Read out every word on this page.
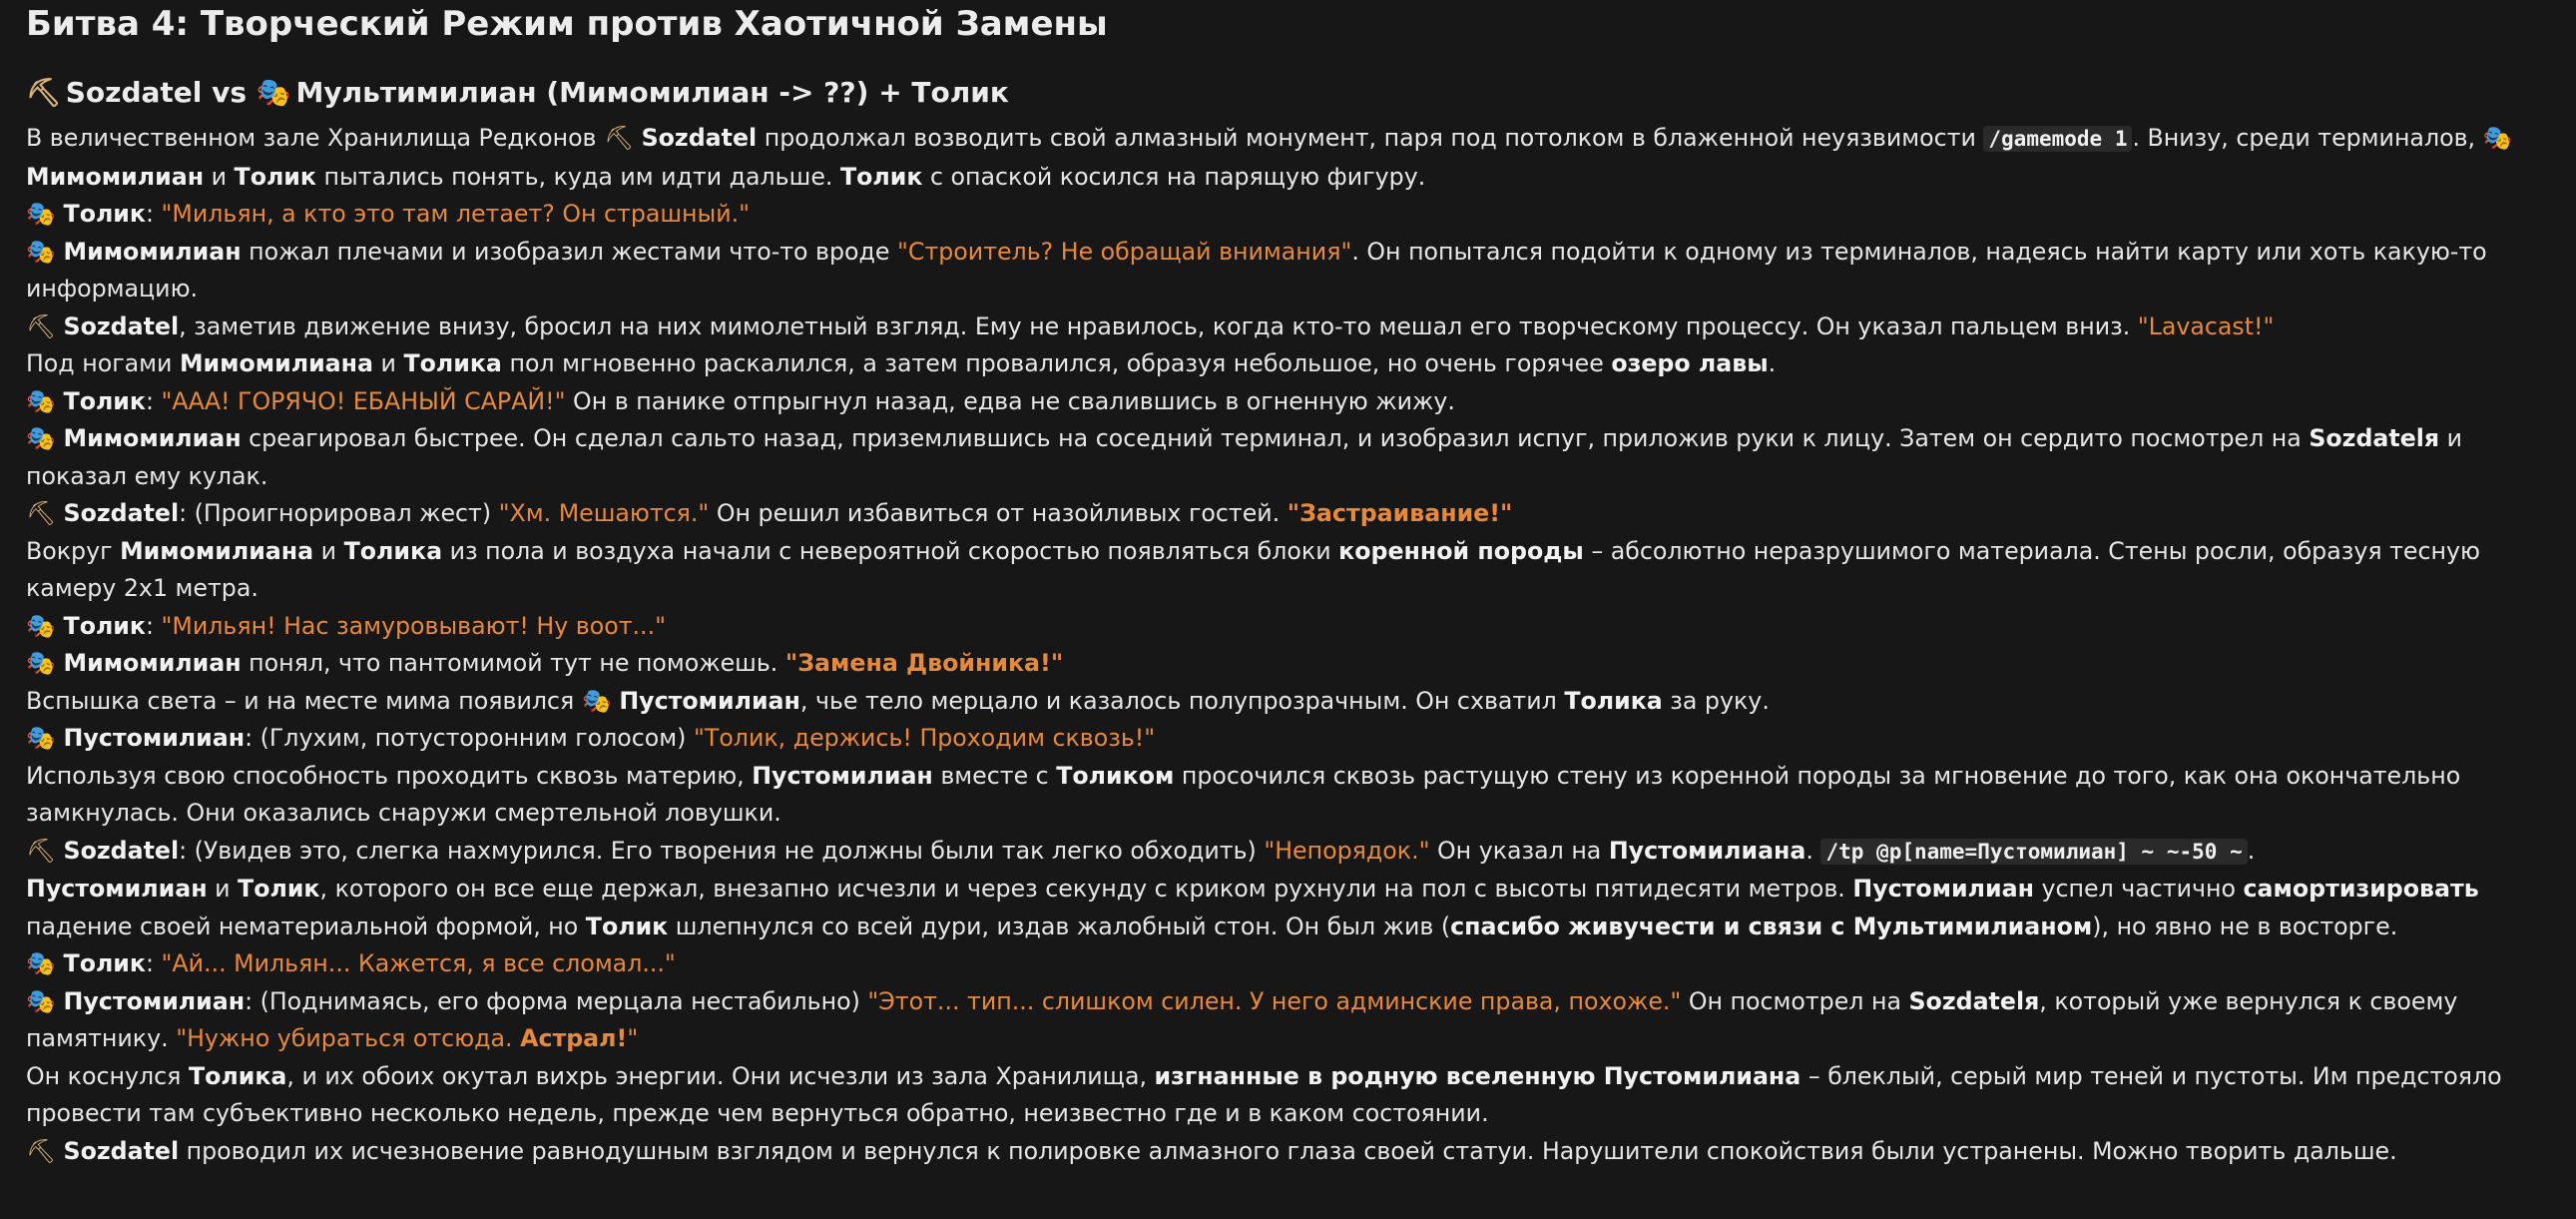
Битва 4: Творческий Режим против Хаотичной Замены
⛏ Sozdatel vs 🎭 Мультимилиан (Мимомилиан -> ??) + Толик

В величественном зале Хранилища Редконов ⛏ Sozdatel продолжал возводить свой алмазный монумент, паря под потолком в блаженной неуязвимости /gamemode 1 . Внизу, среди терминалов, 🎭 Мимомилиан и Толик пытались понять, куда им идти дальше. Толик с опаской косился на парящую фигуру.

🎭 Толик: "Мильян, а кто это там летает? Он страшный."

🎭 Мимомилиан пожал плечами и изобразил жестами что-то вроде "Строитель? Не обращай внимания". Он попытался подойти к одному из терминалов, надеясь найти карту или хоть какую-то информацию.

⛏ Sozdatel, заметив движение внизу, бросил на них мимолетный взгляд. Ему не нравилось, когда кто-то мешал его творческому процессу. Он указал пальцем вниз. "Lavacast!"

Под ногами Мимомилиана и Толика пол мгновенно раскалился, а затем провалился, образуя небольшое, но очень горячее озеро лавы.

🎭 Толик: "ААА! ГОРЯЧО! ЕБАНЫЙ САРАЙ!" Он в панике отпрыгнул назад, едва не свалившись в огненную жижу.

🎭 Мимомилиан среагировал быстрее. Он сделал сальто назад, приземлившись на соседний терминал, и изобразил испуг, приложив руки к лицу. Затем он сердито посмотрел на Sozdatelя и показал ему кулак.

⛏ Sozdatel: (Проигнорировал жест) "Хм. Мешаются." Он решил избавиться от назойливых гостей. "Застраивание!"

Вокруг Мимомилиана и Толика из пола и воздуха начали с невероятной скоростью появляться блоки коренной породы – абсолютно неразрушимого материала. Стены росли, образуя тесную камеру 2x1 метра.

🎭 Толик: "Мильян! Нас замуровывают! Ну воот..."

🎭 Мимомилиан понял, что пантомимой тут не поможешь. "Замена Двойника!"

Вспышка света – и на месте мима появился 🎭 Пустомилиан, чье тело мерцало и казалось полупрозрачным. Он схватил Толика за руку.

🎭 Пустомилиан: (Глухим, потусторонним голосом) "Толик, держись! Проходим сквозь!"

Используя свою способность проходить сквозь материю, Пустомилиан вместе с Толиком просочился сквозь растущую стену из коренной породы за мгновение до того, как она окончательно замкнулась. Они оказались снаружи смертельной ловушки.

⛏ Sozdatel: (Увидев это, слегка нахмурился. Его творения не должны были так легко обходить) "Непорядок." Он указал на Пустомилиана. /tp @p[name=Пустомилиан] ~ ~-50 ~ .

Пустомилиан и Толик, которого он все еще держал, внезапно исчезли и через секунду с криком рухнули на пол с высоты пятидесяти метров. Пустомилиан успел частично самортизировать падение своей нематериальной формой, но Толик шлепнулся со всей дури, издав жалобный стон. Он был жив (спасибо живучести и связи с Мультимилианом), но явно не в восторге.

🎭 Толик: "Ай... Мильян... Кажется, я все сломал..."

🎭 Пустомилиан: (Поднимаясь, его форма мерцала нестабильно) "Этот... тип... слишком силен. У него админские права, похоже." Он посмотрел на Sozdatelя, который уже вернулся к своему памятнику. "Нужно убираться отсюда. Астрал!"

Он коснулся Толика, и их обоих окутал вихрь энергии. Они исчезли из зала Хранилища, изгнанные в родную вселенную Пустомилиана – блеклый, серый мир теней и пустоты. Им предстояло провести там субъективно несколько недель, прежде чем вернуться обратно, неизвестно где и в каком состоянии.

⛏ Sozdatel проводил их исчезновение равнодушным взглядом и вернулся к полировке алмазного глаза своей статуи. Нарушители спокойствия были устранены. Можно творить дальше.
